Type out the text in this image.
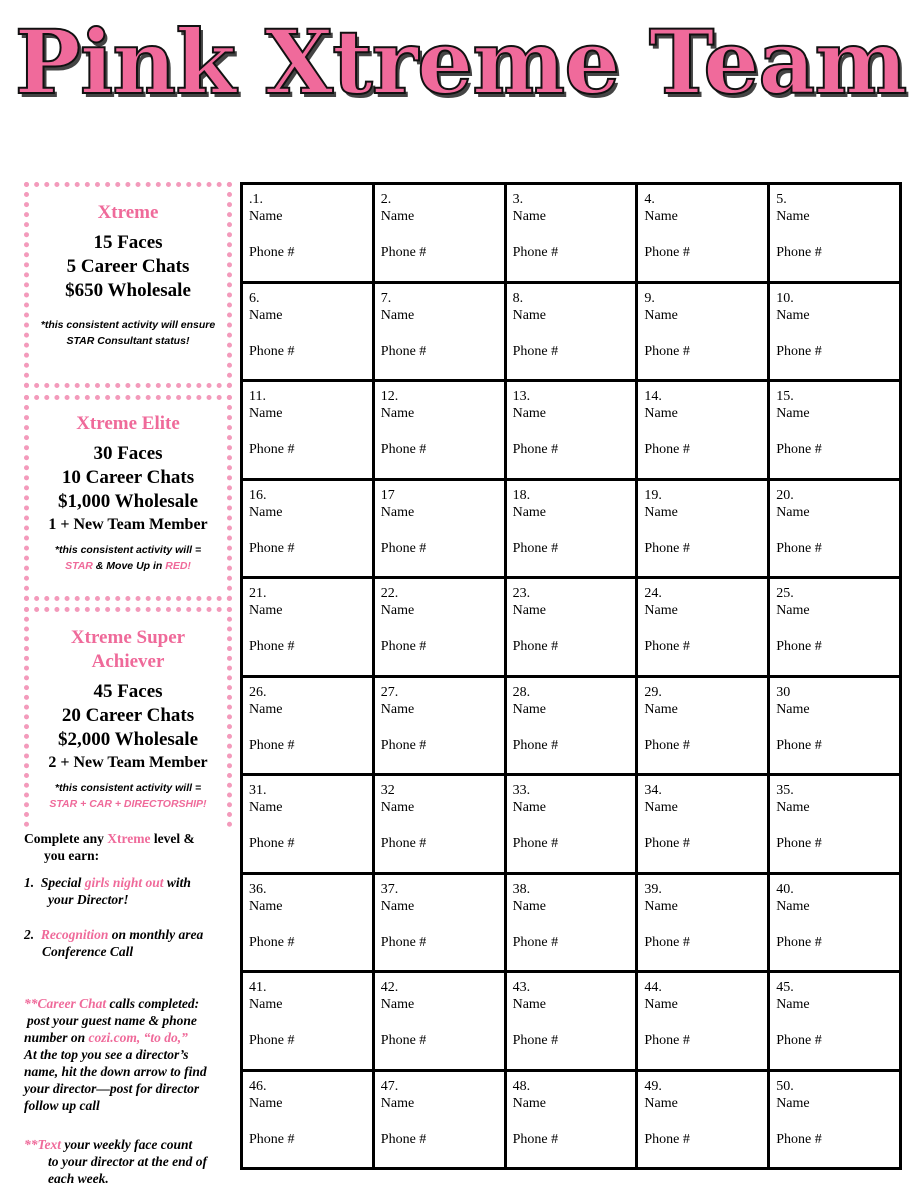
Pink Xtreme Team
Xtreme
15 Faces
5 Career Chats
$650 Wholesale
*this consistent activity will ensure STAR Consultant status!
Xtreme Elite
30 Faces
10 Career Chats
$1,000 Wholesale
1 + New Team Member
*this consistent activity will =
STAR & Move Up in RED!
Xtreme Super
Achiever
45 Faces
20 Career Chats
$2,000 Wholesale
2 + New Team Member
*this consistent activity will =
STAR + CAR + DIRECTORSHIP!
Complete any Xtreme level &
you earn:
1. Special girls night out with
your Director!
2. Recognition on monthly area
Conference Call
**Career Chat calls completed:
post your guest name & phone
number on cozi.com, “to do,”
At the top you see a director’s
name, hit the down arrow to find
your director—post for director
follow up call
**Text your weekly face count
to your director at the end of
each week.
.1.
Name
Phone #
2.
Name
Phone #
3.
Name
Phone #
4.
Name
Phone #
5.
Name
Phone #
6.
Name
Phone #
7.
Name
Phone #
8.
Name
Phone #
9.
Name
Phone #
10.
Name
Phone #
11.
Name
Phone #
12.
Name
Phone #
13.
Name
Phone #
14.
Name
Phone #
15.
Name
Phone #
16.
Name
Phone #
17
Name
Phone #
18.
Name
Phone #
19.
Name
Phone #
20.
Name
Phone #
21.
Name
Phone #
22.
Name
Phone #
23.
Name
Phone #
24.
Name
Phone #
25.
Name
Phone #
26.
Name
Phone #
27.
Name
Phone #
28.
Name
Phone #
29.
Name
Phone #
30
Name
Phone #
31.
Name
Phone #
32
Name
Phone #
33.
Name
Phone #
34.
Name
Phone #
35.
Name
Phone #
36.
Name
Phone #
37.
Name
Phone #
38.
Name
Phone #
39.
Name
Phone #
40.
Name
Phone #
41.
Name
Phone #
42.
Name
Phone #
43.
Name
Phone #
44.
Name
Phone #
45.
Name
Phone #
46.
Name
Phone #
47.
Name
Phone #
48.
Name
Phone #
49.
Name
Phone #
50.
Name
Phone #
